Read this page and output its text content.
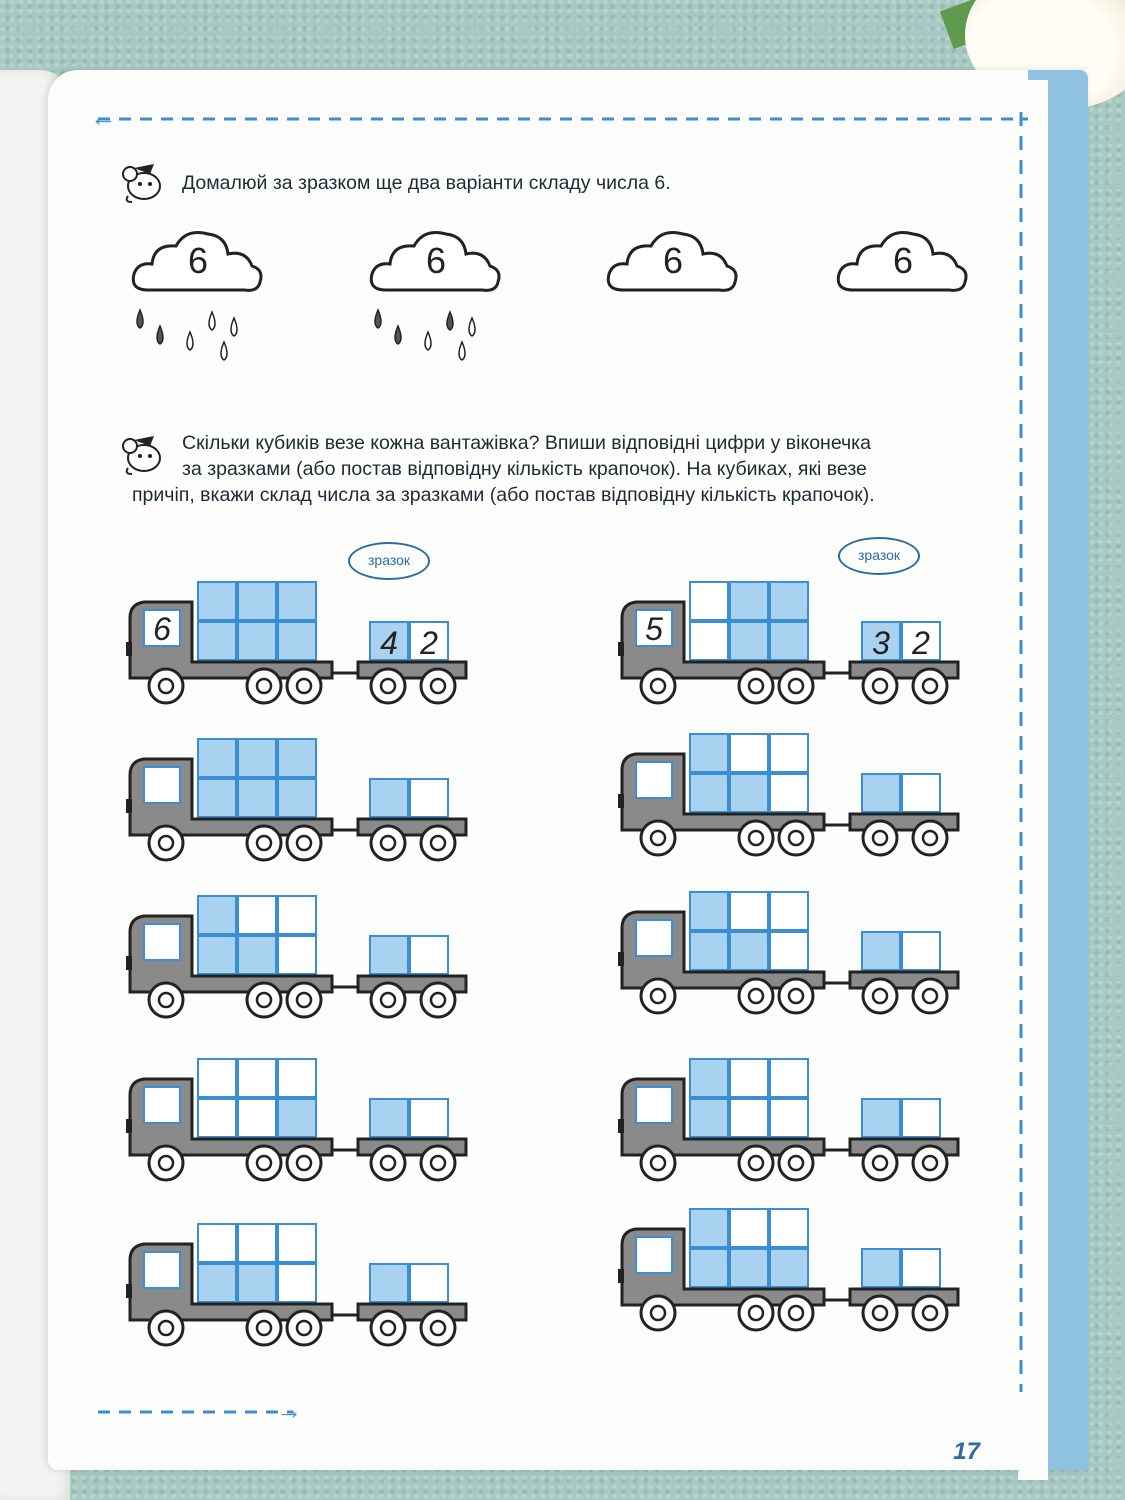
←
→
Домалюй за зразком ще два варіанти складу числа 6.
6	6	6	6
Скільки кубиків везе кожна вантажівка? Впиши відповідні цифри у віконечка
за зразками (або постав відповідну кількість крапочок). На кубиках, які везе
причіп, вкажи склад числа за зразками (або постав відповідну кількість крапочок).
зразок	зразок
6	4 2	5	3 2
17
